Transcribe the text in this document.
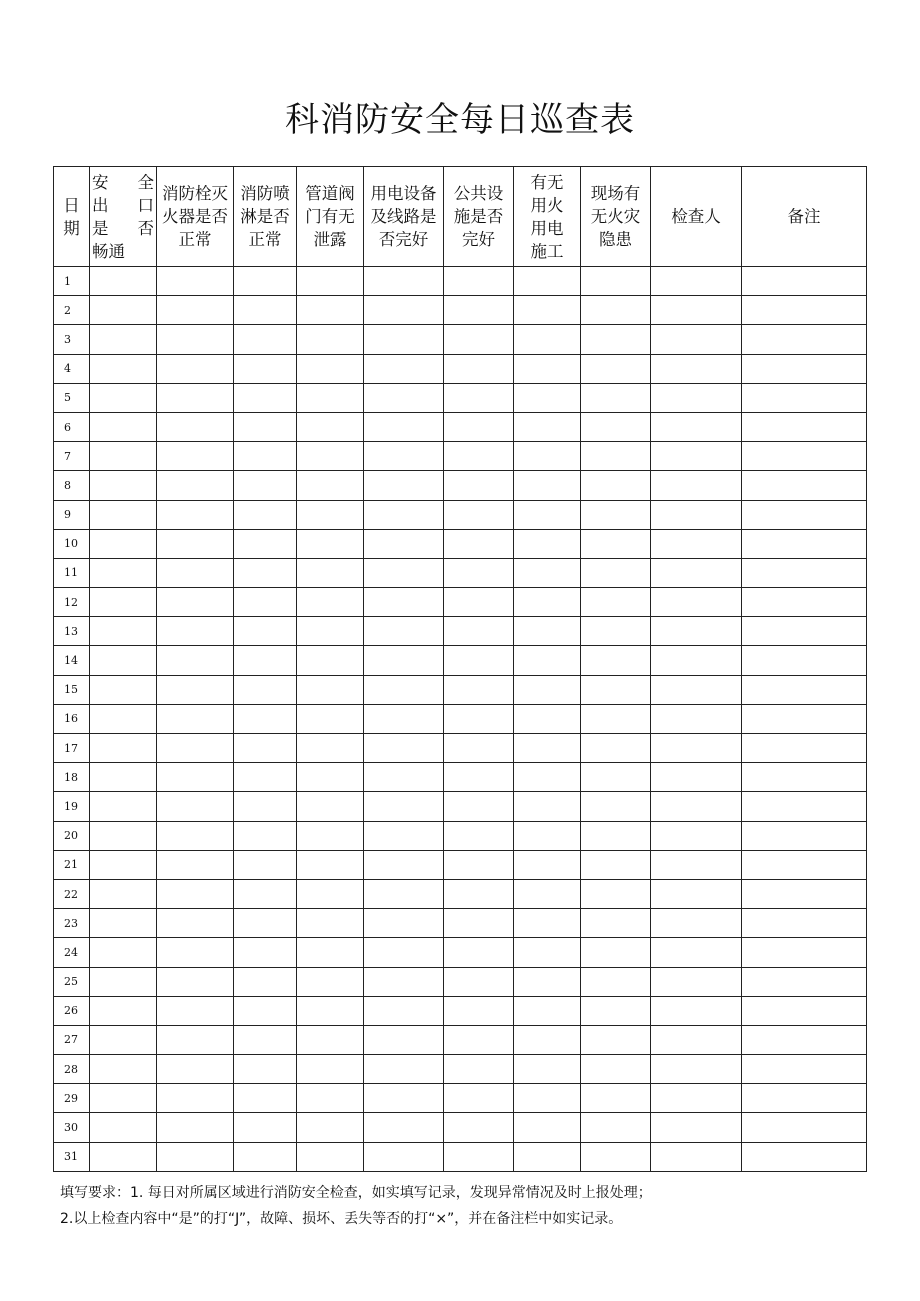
科消防安全每日巡查表
日
期	安　全
出　口
是　否
畅通	消防栓灭
火器是否
正常	消防喷
淋是否
正常	管道阀
门有无
泄露	用电设备
及线路是
否完好	公共设
施是否
完好	有无
用火
用电
施工	现场有
无火灾
隐患	检查人	备注
1										
2										
3										
4										
5										
6										
7										
8										
9										
10										
11										
12										
13										
14										
15										
16										
17										
18										
19										
20										
21										
22										
23										
24										
25										
26										
27										
28										
29										
30										
31										
填写要求：1. 每日对所属区域进行消防安全检查，如实填写记录，发现异常情况及时上报处理；
2.以上检查内容中“是”的打“J”，故障、损坏、丢失等否的打“×”，并在备注栏中如实记录。
